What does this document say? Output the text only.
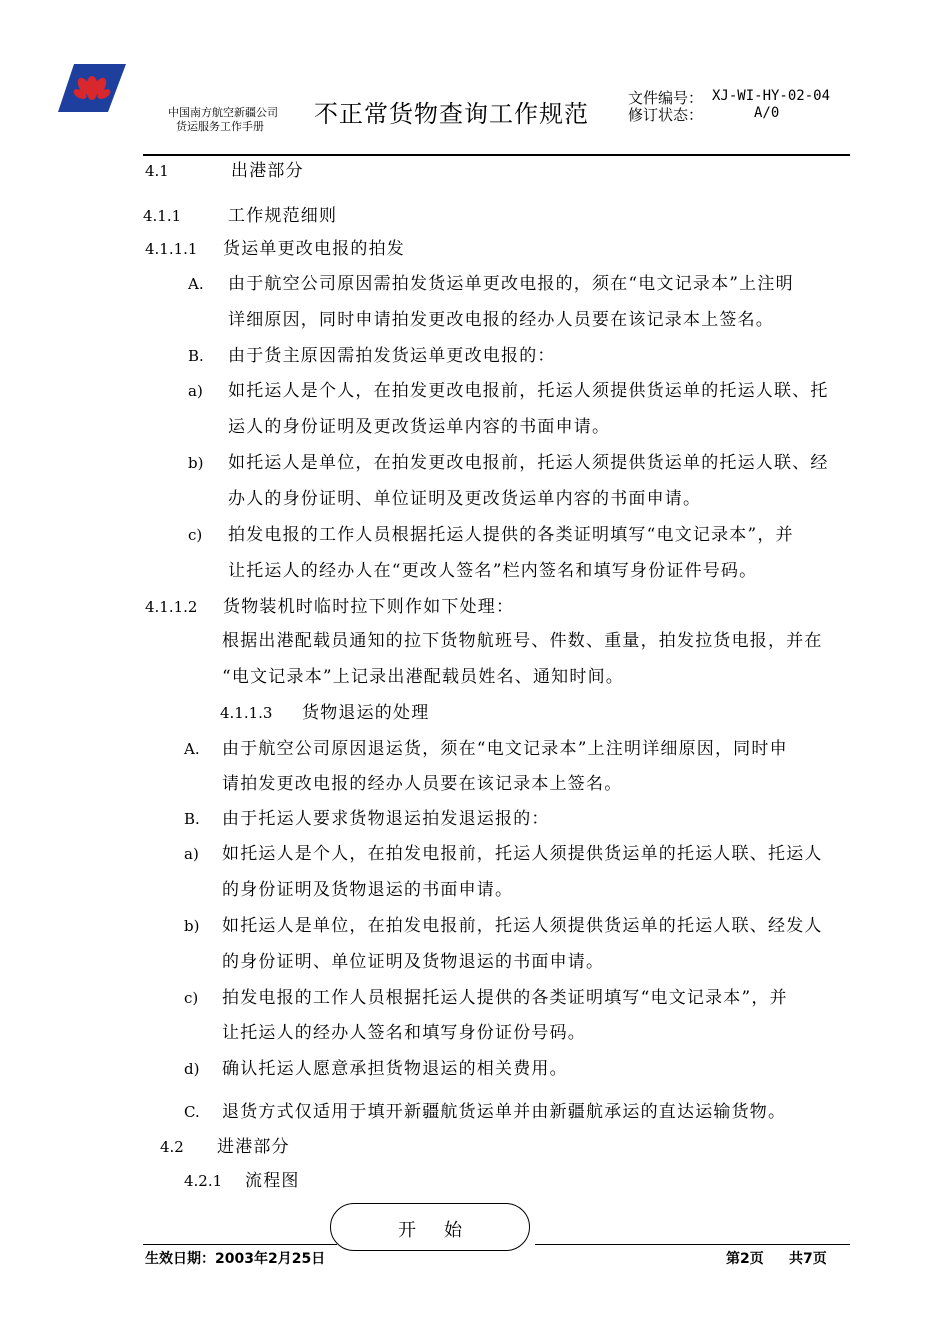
中国南方航空新疆公司
货运服务工作手册 不正常货物查询工作规范
文件编号： XJ-WI-HY-02-04
修订状态：	A/0
4.1	出港部分
4.1.1	工作规范细则
4.1.1.1 货运单更改电报的拍发
A. 由于航空公司原因需拍发货运单更改电报的，须在“电文记录本”上注明
详细原因，同时申请拍发更改电报的经办人员要在该记录本上签名。
B. 由于货主原因需拍发货运单更改电报的：
a) 如托运人是个人，在拍发更改电报前，托运人须提供货运单的托运人联、托
运人的身份证明及更改货运单内容的书面申请。
b) 如托运人是单位，在拍发更改电报前，托运人须提供货运单的托运人联、经
办人的身份证明、单位证明及更改货运单内容的书面申请。
c) 拍发电报的工作人员根据托运人提供的各类证明填写“电文记录本”，并
让托运人的经办人在“更改人签名”栏内签名和填写身份证件号码。
4.1.1.2 货物装机时临时拉下则作如下处理：
根据出港配载员通知的拉下货物航班号、件数、重量，拍发拉货电报，并在
“电文记录本”上记录出港配载员姓名、通知时间。
4.1.1.3 货物退运的处理
A. 由于航空公司原因退运货，须在“电文记录本”上注明详细原因，同时申
请拍发更改电报的经办人员要在该记录本上签名。
B. 由于托运人要求货物退运拍发退运报的：
a) 如托运人是个人，在拍发电报前，托运人须提供货运单的托运人联、托运人
的身份证明及货物退运的书面申请。
b) 如托运人是单位，在拍发电报前，托运人须提供货运单的托运人联、经发人
的身份证明、单位证明及货物退运的书面申请。
c) 拍发电报的工作人员根据托运人提供的各类证明填写“电文记录本”，并
让托运人的经办人签名和填写身份证份号码。
d) 确认托运人愿意承担货物退运的相关费用。
C. 退货方式仅适用于填开新疆航货运单并由新疆航承运的直达运输货物。
4.2 进港部分
4.2.1 流程图
开始
生效日期：2003年2月25日	第2页 共7页
